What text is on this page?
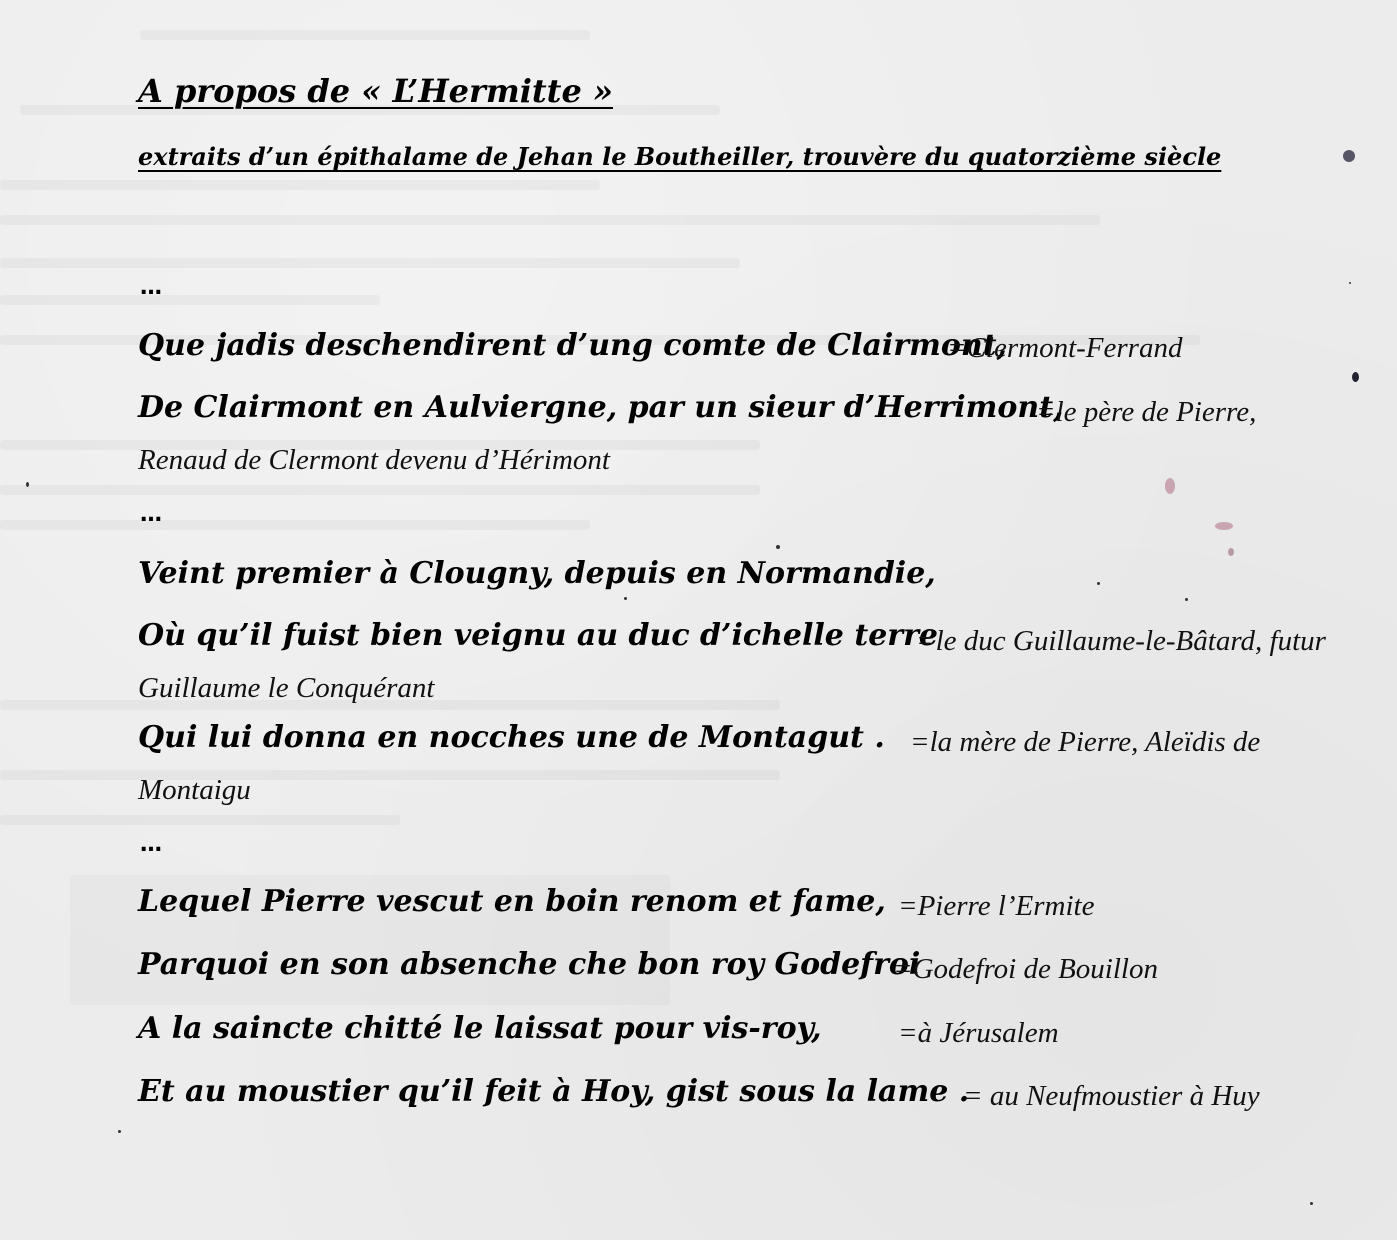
A propos de « L’Hermitte »
extraits d’un épithalame de Jehan le Boutheiller, trouvère du quatorzième siècle
…
Que jadis deschendirent d’ung comte de Clairmont,
=Clermont-Ferrand
De Clairmont en Aulviergne, par un sieur d’Herrimont,
=le père de Pierre,
Renaud de Clermont devenu d’Hérimont
…
Veint premier à Clougny, depuis en Normandie,
Où qu’il fuist bien veignu au duc d’ichelle terre
=le duc Guillaume-le-Bâtard, futur
Guillaume le Conquérant
Qui lui donna en nocches une de Montagut . =la mère de Pierre, Aleïdis de
Montaigu
…
Lequel Pierre vescut en boin renom et fame, =Pierre l’Ermite
Parquoi en son absenche che bon roy Godefroi
=Godefroi de Bouillon
A la saincte chitté le laissat pour vis-roy,	=à Jérusalem
Et au moustier qu’il feit à Hoy, gist sous la lame .
= au Neufmoustier à Huy
